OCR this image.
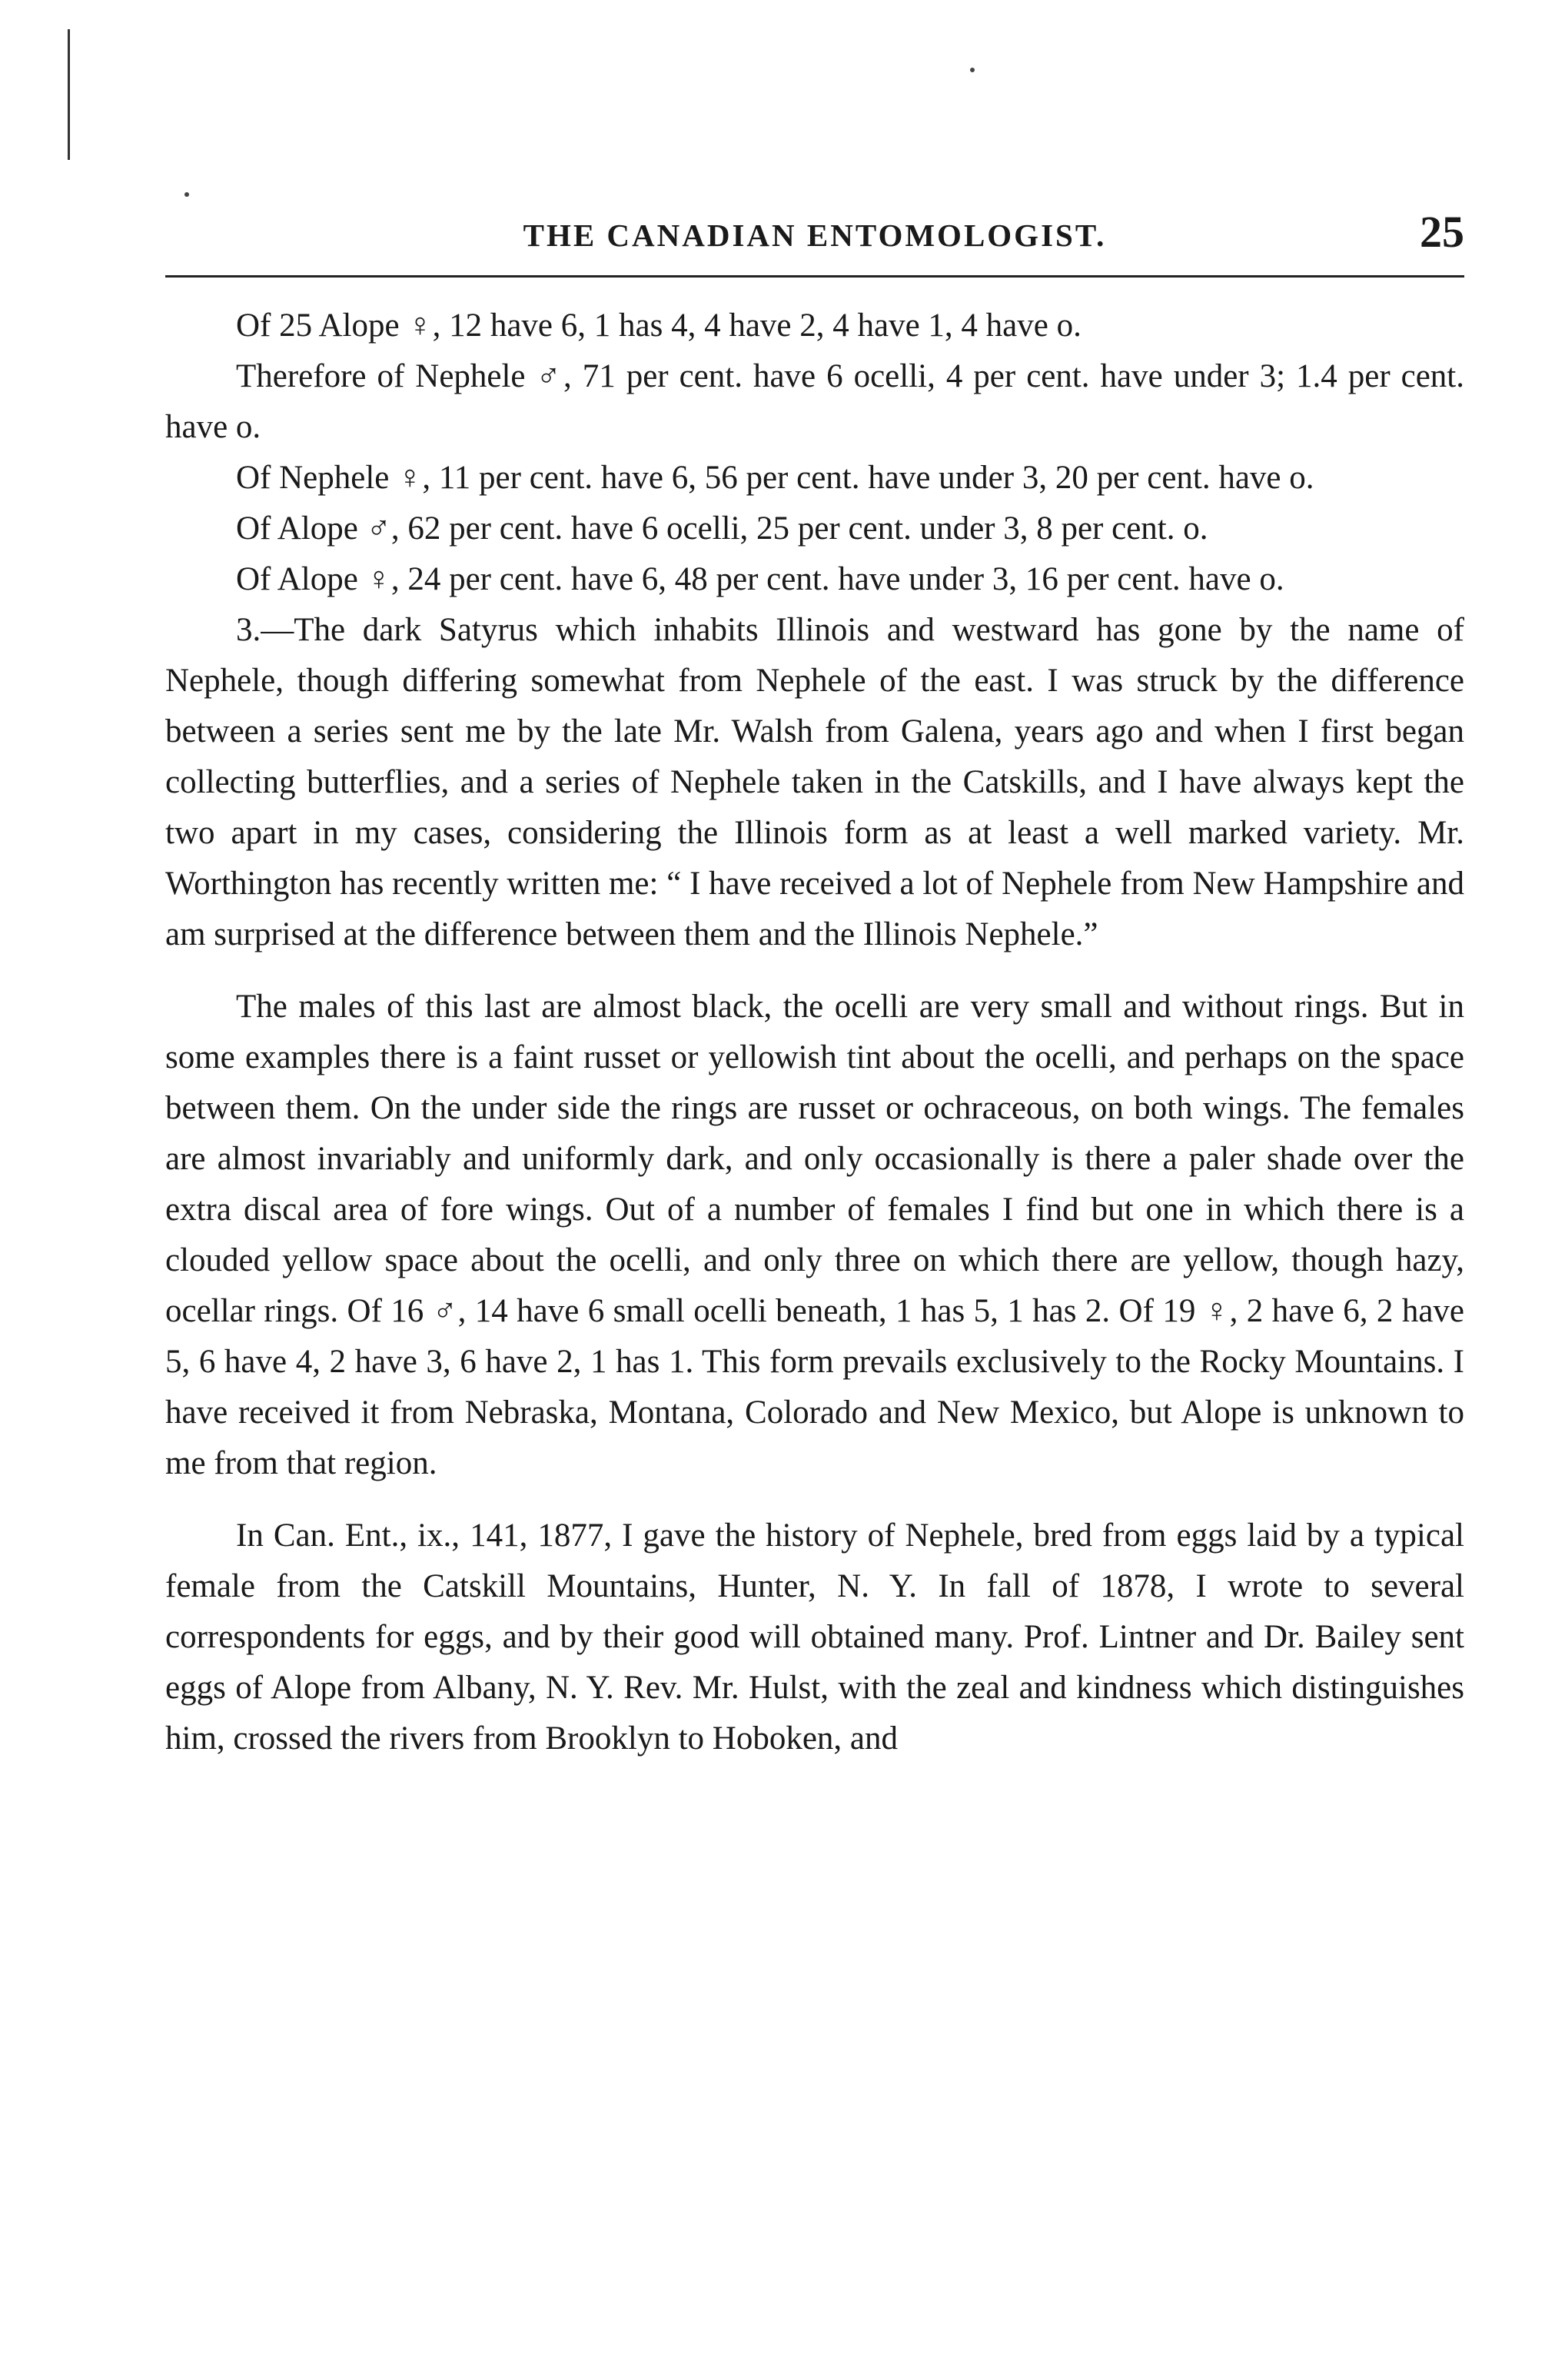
THE CANADIAN ENTOMOLOGIST.	25

Of 25 Alope ♀, 12 have 6, 1 has 4, 4 have 2, 4 have 1, 4 have o.

Therefore of Nephele ♂, 71 per cent. have 6 ocelli, 4 per cent. have under 3; 1.4 per cent. have o.

Of Nephele ♀, 11 per cent. have 6, 56 per cent. have under 3, 20 per cent. have o.

Of Alope ♂, 62 per cent. have 6 ocelli, 25 per cent. under 3, 8 per cent. o.

Of Alope ♀, 24 per cent. have 6, 48 per cent. have under 3, 16 per cent. have o.

3.—The dark Satyrus which inhabits Illinois and westward has gone by the name of Nephele, though differing somewhat from Nephele of the east. I was struck by the difference between a series sent me by the late Mr. Walsh from Galena, years ago and when I first began collecting butterflies, and a series of Nephele taken in the Catskills, and I have always kept the two apart in my cases, considering the Illinois form as at least a well marked variety. Mr. Worthington has recently written me: “ I have received a lot of Nephele from New Hampshire and am surprised at the difference between them and the Illinois Nephele.”

The males of this last are almost black, the ocelli are very small and without rings. But in some examples there is a faint russet or yellowish tint about the ocelli, and perhaps on the space between them. On the under side the rings are russet or ochraceous, on both wings. The females are almost invariably and uniformly dark, and only occasionally is there a paler shade over the extra discal area of fore wings. Out of a number of females I find but one in which there is a clouded yellow space about the ocelli, and only three on which there are yellow, though hazy, ocellar rings. Of 16 ♂, 14 have 6 small ocelli beneath, 1 has 5, 1 has 2. Of 19 ♀, 2 have 6, 2 have 5, 6 have 4, 2 have 3, 6 have 2, 1 has 1. This form prevails exclusively to the Rocky Mountains. I have received it from Nebraska, Montana, Colorado and New Mexico, but Alope is unknown to me from that region.

In Can. Ent., ix., 141, 1877, I gave the history of Nephele, bred from eggs laid by a typical female from the Catskill Mountains, Hunter, N. Y. In fall of 1878, I wrote to several correspondents for eggs, and by their good will obtained many. Prof. Lintner and Dr. Bailey sent eggs of Alope from Albany, N. Y. Rev. Mr. Hulst, with the zeal and kindness which distinguishes him, crossed the rivers from Brooklyn to Hoboken, and
